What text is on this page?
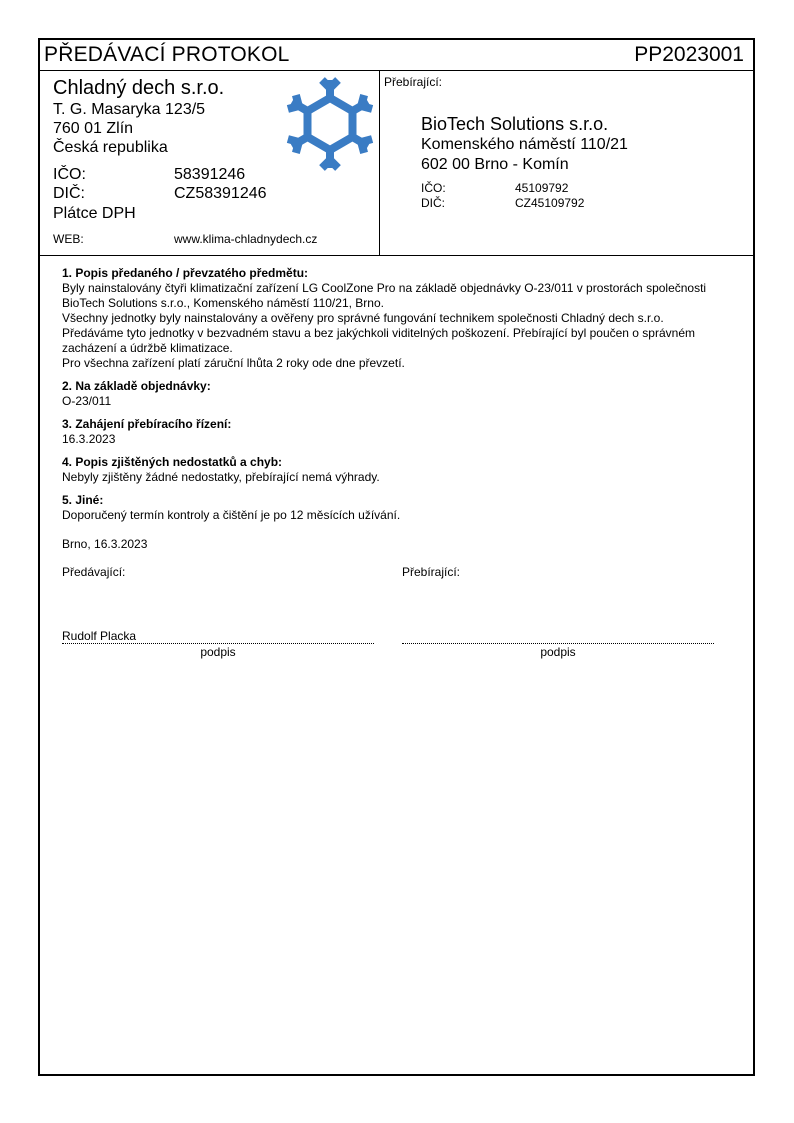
PŘEDÁVACÍ PROTOKOL	PP2023001
Chladný dech s.r.o.
T. G. Masaryka 123/5
760 01 Zlín
Česká republika
IČO:	58391246
DIČ:	CZ58391246
Plátce DPH
WEB:	www.klima-chladnydech.cz
Přebírající:
BioTech Solutions s.r.o.
Komenského náměstí 110/21
602 00 Brno - Komín
IČO:	45109792
DIČ:	CZ45109792
1. Popis předaného / převzatého předmětu:
Byly nainstalovány čtyři klimatizační zařízení LG CoolZone Pro na základě objednávky O-23/011 v prostorách společnosti
BioTech Solutions s.r.o., Komenského náměstí 110/21, Brno.
Všechny jednotky byly nainstalovány a ověřeny pro správné fungování technikem společnosti Chladný dech s.r.o.
Předáváme tyto jednotky v bezvadném stavu a bez jakýchkoli viditelných poškození. Přebírající byl poučen o správném
zacházení a údržbě klimatizace.
Pro všechna zařízení platí záruční lhůta 2 roky ode dne převzetí.
2. Na základě objednávky:
O-23/011
3. Zahájení přebíracího řízení:
16.3.2023
4. Popis zjištěných nedostatků a chyb:
Nebyly zjištěny žádné nedostatky, přebírající nemá výhrady.
5. Jiné:
Doporučený termín kontroly a čištění je po 12 měsících užívání.
Brno, 16.3.2023
Předávající:
Rudolf Placka
podpis
Přebírající:
podpis
